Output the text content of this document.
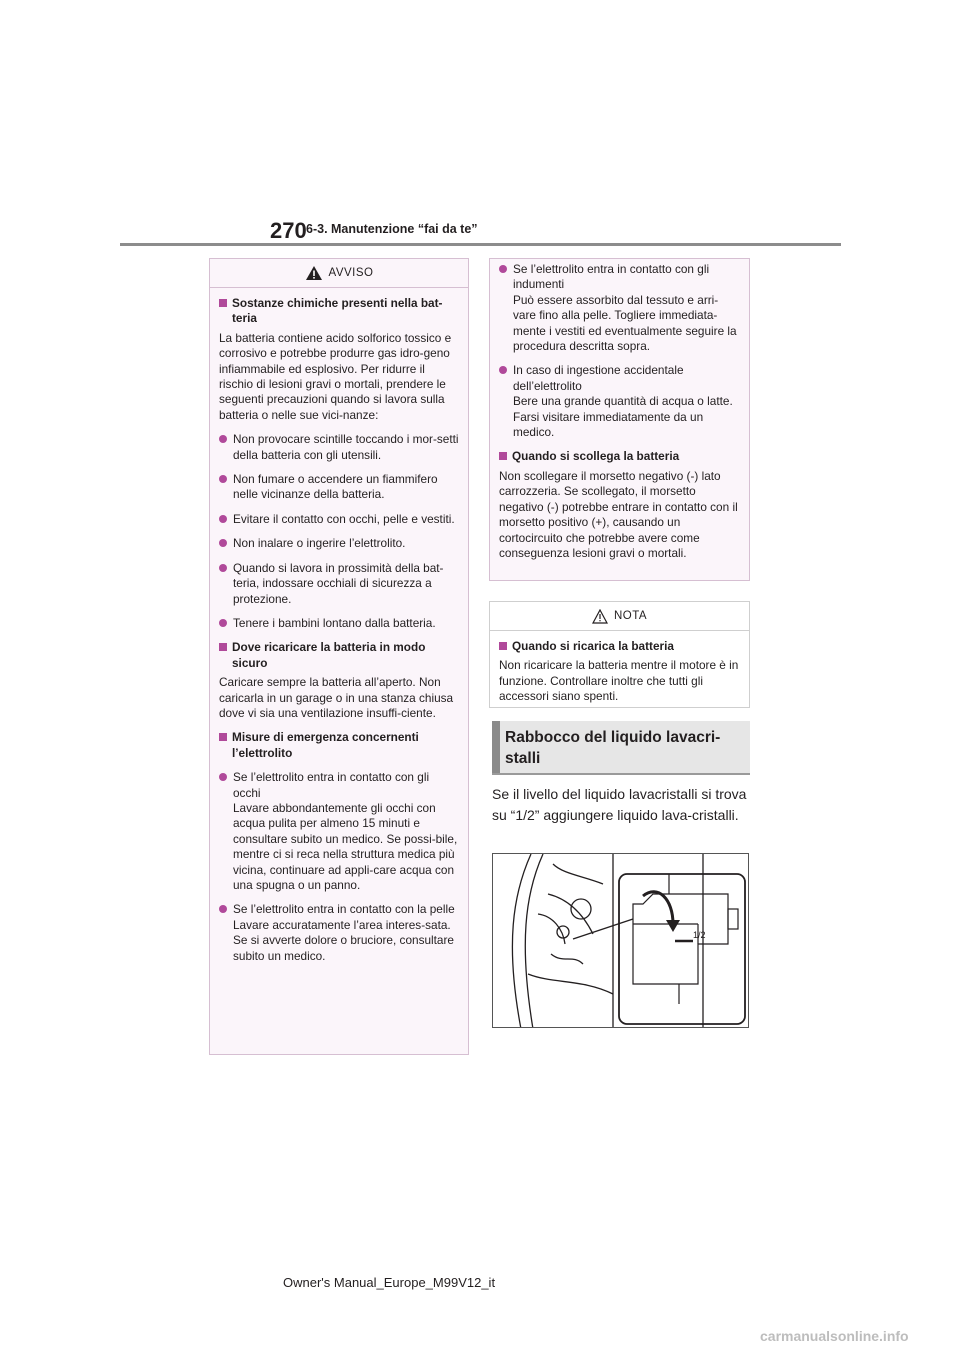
270 6-3. Manutenzione “fai da te”
AVVISO
Sostanze chimiche presenti nella bat-teria
La batteria contiene acido solforico tossico e corrosivo e potrebbe produrre gas idro-geno infiammabile ed esplosivo. Per ridurre il rischio di lesioni gravi o mortali, prendere le seguenti precauzioni quando si lavora sulla batteria o nelle sue vici-nanze:
Non provocare scintille toccando i mor-setti della batteria con gli utensili.
Non fumare o accendere un fiammifero nelle vicinanze della batteria.
Evitare il contatto con occhi, pelle e vestiti.
Non inalare o ingerire l’elettrolito.
Quando si lavora in prossimità della bat-teria, indossare occhiali di sicurezza a protezione.
Tenere i bambini lontano dalla batteria.
Dove ricaricare la batteria in modo sicuro
Caricare sempre la batteria all’aperto. Non caricarla in un garage o in una stanza chiusa dove vi sia una ventilazione insuffi-ciente.
Misure di emergenza concernenti l’elettrolito
Se l’elettrolito entra in contatto con gli occhi
Lavare abbondantemente gli occhi con acqua pulita per almeno 15 minuti e consultare subito un medico. Se possi-bile, mentre ci si reca nella struttura medica più vicina, continuare ad appli-care acqua con una spugna o un panno.
Se l’elettrolito entra in contatto con la pelle
Lavare accuratamente l’area interes-sata. Se si avverte dolore o bruciore, consultare subito un medico.
Se l’elettrolito entra in contatto con gli indumenti
Può essere assorbito dal tessuto e arri-vare fino alla pelle. Togliere immediata-mente i vestiti ed eventualmente seguire la procedura descritta sopra.
In caso di ingestione accidentale dell’elettrolito
Bere una grande quantità di acqua o latte. Farsi visitare immediatamente da un medico.
Quando si scollega la batteria
Non scollegare il morsetto negativo (-) lato carrozzeria. Se scollegato, il morsetto negativo (-) potrebbe entrare in contatto con il morsetto positivo (+), causando un cortocircuito che potrebbe avere come conseguenza lesioni gravi o mortali.
NOTA
Quando si ricarica la batteria
Non ricaricare la batteria mentre il motore è in funzione. Controllare inoltre che tutti gli accessori siano spenti.
Rabbocco del liquido lavacri-stalli
Se il livello del liquido lavacristalli si trova su “1/2” aggiungere liquido lava-cristalli.
1/2
Owner's Manual_Europe_M99V12_it
carmanualsonline.info
